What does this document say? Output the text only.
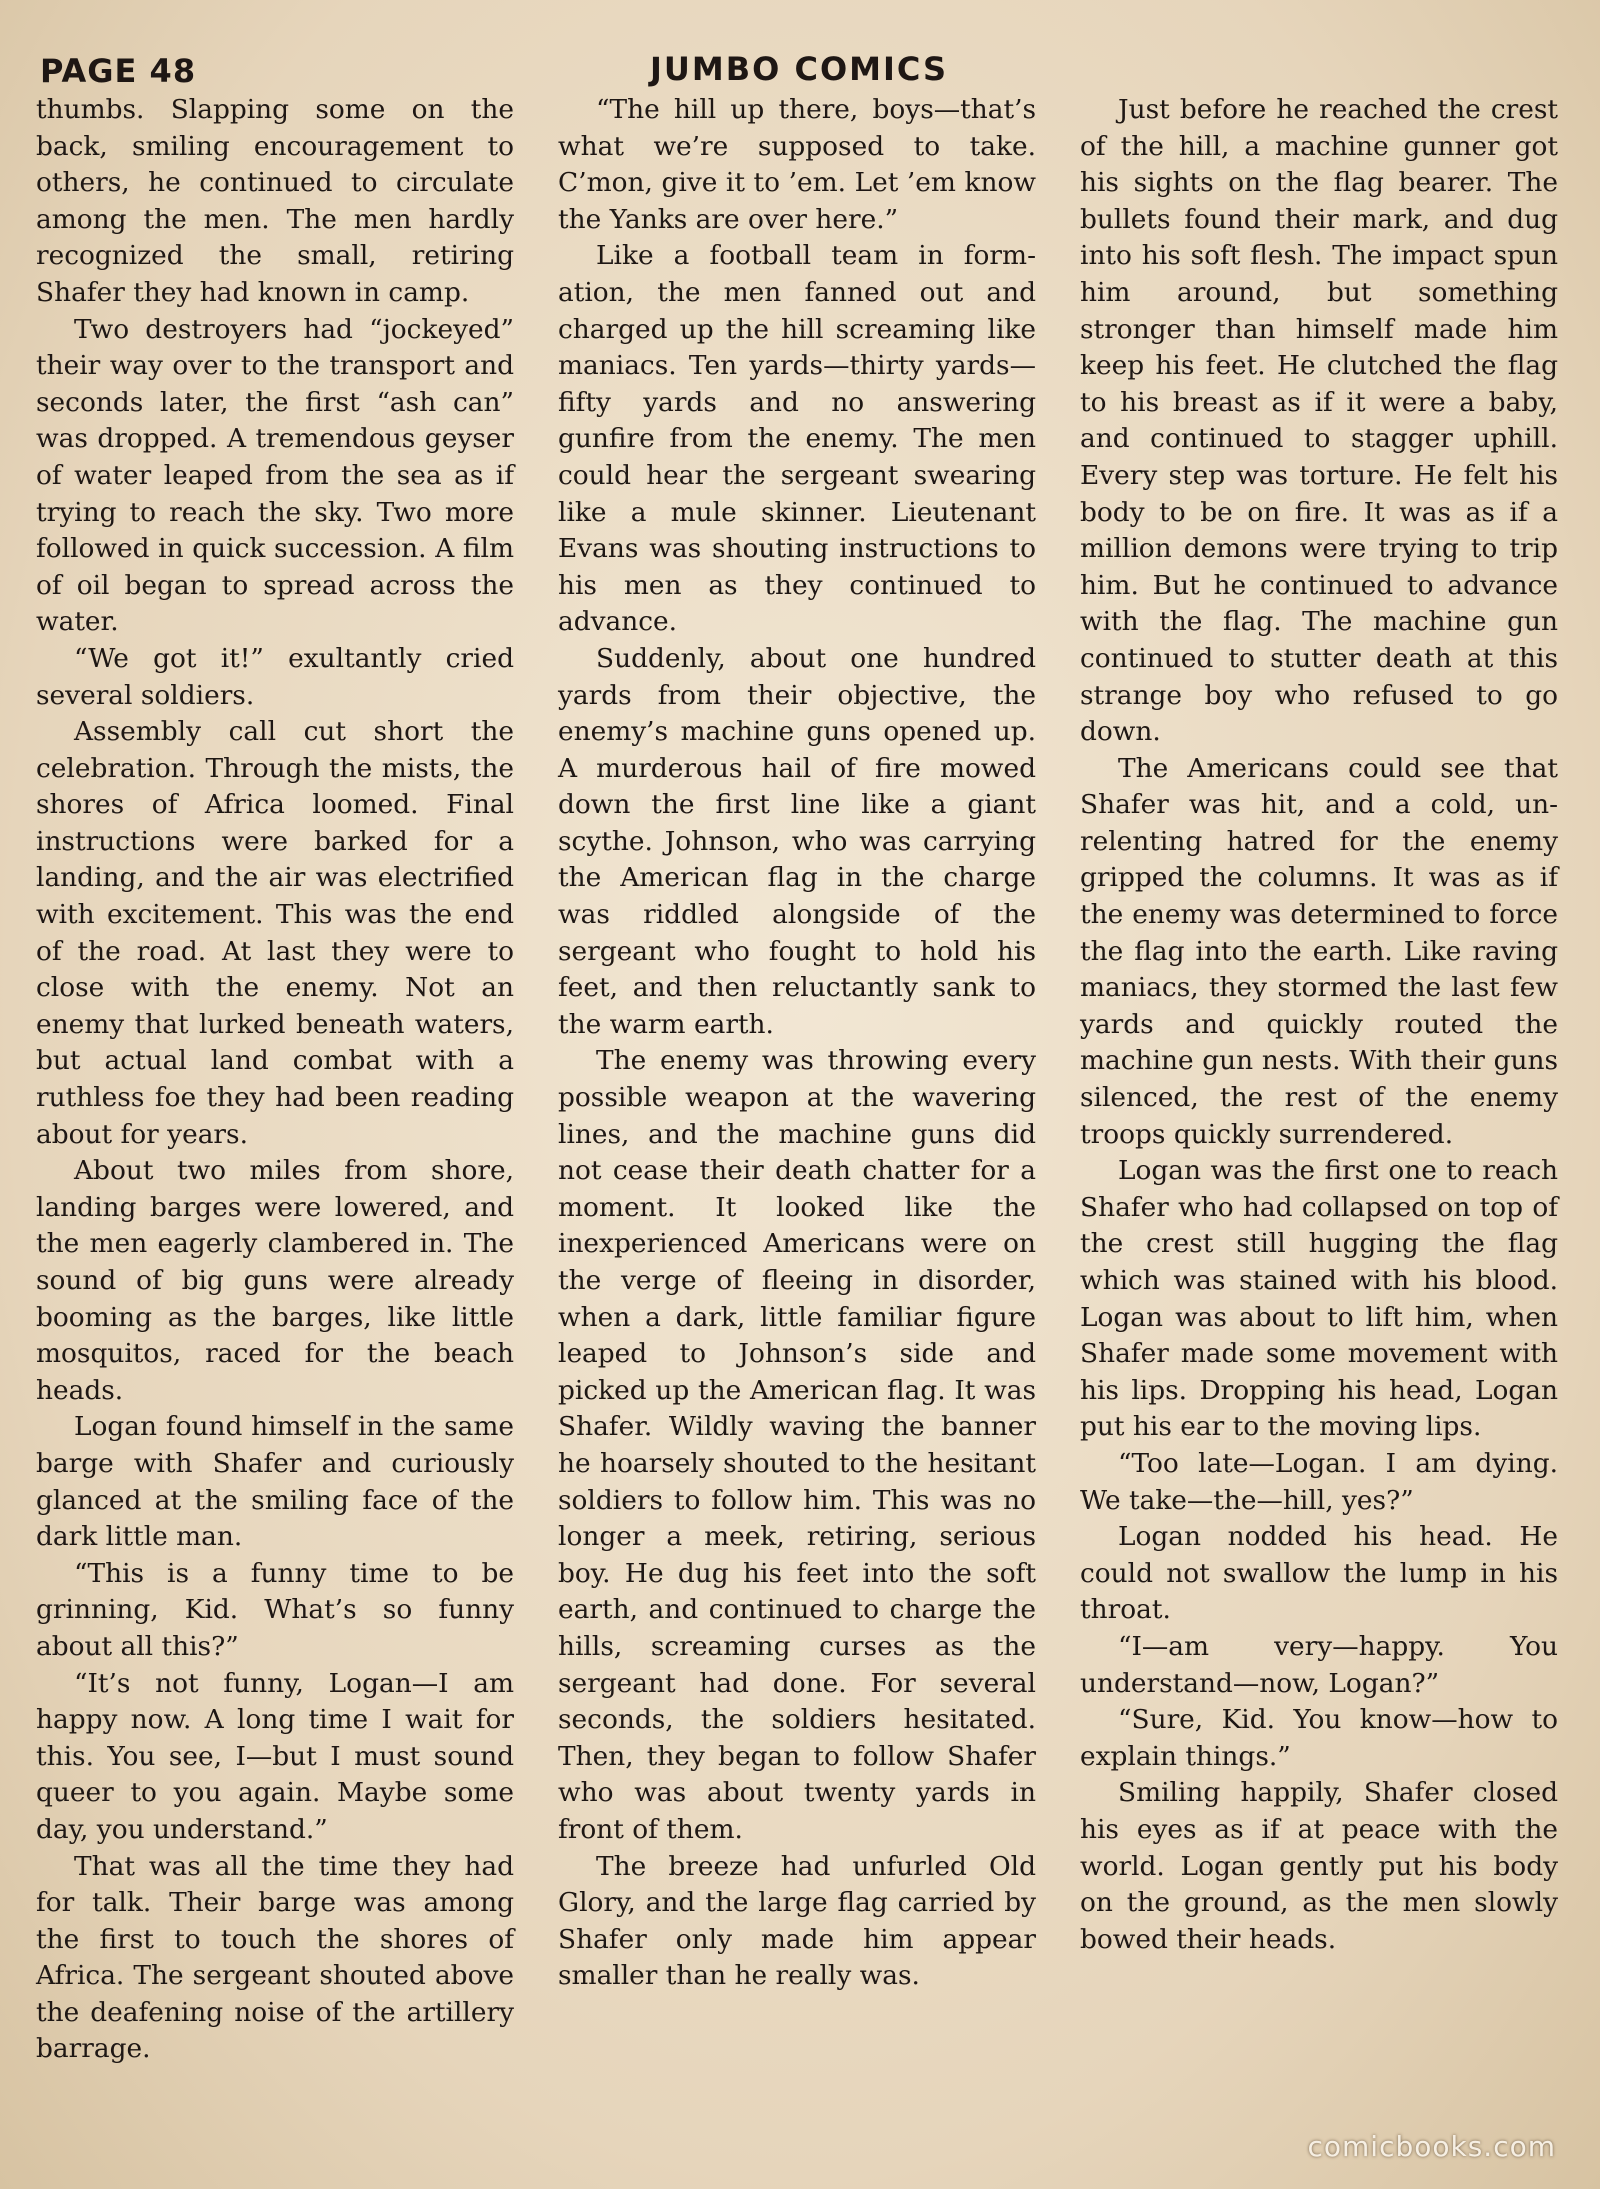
PAGE 48	JUMBO COMICS

thumbs. Slapping some on the back, smiling encouragement to others, he continued to circulate among the men. The men hardly recognized the small, retiring Shafer they had known in camp.

Two destroyers had “jockeyed” their way over to the transport and seconds later, the first “ash can” was dropped. A tremendous geyser of water leaped from the sea as if trying to reach the sky. Two more followed in quick succession. A film of oil began to spread across the water.

“We got it!” exultantly cried several soldiers.

Assembly call cut short the celebration. Through the mists, the shores of Africa loomed. Final instructions were barked for a landing, and the air was electrified with excitement. This was the end of the road. At last they were to close with the enemy. Not an enemy that lurked beneath waters, but actual land combat with a ruthless foe they had been reading about for years.

About two miles from shore, landing barges were lowered, and the men eagerly clambered in. The sound of big guns were already booming as the barges, like little mosquitos, raced for the beach heads.

Logan found himself in the same barge with Shafer and curiously glanced at the smiling face of the dark little man.

“This is a funny time to be grinning, Kid. What’s so funny about all this?”

“It’s not funny, Logan—I am happy now. A long time I wait for this. You see, I—but I must sound queer to you again. Maybe some day, you understand.”

That was all the time they had for talk. Their barge was among the first to touch the shores of Africa. The sergeant shouted above the deafening noise of the artillery barrage.

“The hill up there, boys—that’s what we’re supposed to take. C’mon, give it to ’em. Let ’em know the Yanks are over here.”

Like a football team in formation, the men fanned out and charged up the hill screaming like maniacs. Ten yards—thirty yards—fifty yards and no answering gunfire from the enemy. The men could hear the sergeant swearing like a mule skinner. Lieutenant Evans was shouting instructions to his men as they continued to advance.

Suddenly, about one hundred yards from their objective, the enemy’s machine guns opened up. A murderous hail of fire mowed down the first line like a giant scythe. Johnson, who was carrying the American flag in the charge was riddled alongside of the sergeant who fought to hold his feet, and then reluctantly sank to the warm earth.

The enemy was throwing every possible weapon at the wavering lines, and the machine guns did not cease their death chatter for a moment. It looked like the inexperienced Americans were on the verge of fleeing in disorder, when a dark, little familiar figure leaped to Johnson’s side and picked up the American flag. It was Shafer. Wildly waving the banner he hoarsely shouted to the hesitant soldiers to follow him. This was no longer a meek, retiring, serious boy. He dug his feet into the soft earth, and continued to charge the hills, screaming curses as the sergeant had done. For several seconds, the soldiers hesitated. Then, they began to follow Shafer who was about twenty yards in front of them.

The breeze had unfurled Old Glory, and the large flag carried by Shafer only made him appear smaller than he really was.

Just before he reached the crest of the hill, a machine gunner got his sights on the flag bearer. The bullets found their mark, and dug into his soft flesh. The impact spun him around, but something stronger than himself made him keep his feet. He clutched the flag to his breast as if it were a baby, and continued to stagger uphill. Every step was torture. He felt his body to be on fire. It was as if a million demons were trying to trip him. But he continued to advance with the flag. The machine gun continued to stutter death at this strange boy who refused to go down.

The Americans could see that Shafer was hit, and a cold, unrelenting hatred for the enemy gripped the columns. It was as if the enemy was determined to force the flag into the earth. Like raving maniacs, they stormed the last few yards and quickly routed the machine gun nests. With their guns silenced, the rest of the enemy troops quickly surrendered.

Logan was the first one to reach Shafer who had collapsed on top of the crest still hugging the flag which was stained with his blood. Logan was about to lift him, when Shafer made some movement with his lips. Dropping his head, Logan put his ear to the moving lips.

“Too late—Logan. I am dying. We take—the—hill, yes?”

Logan nodded his head. He could not swallow the lump in his throat.

“I—am very—happy. You understand—now, Logan?”

“Sure, Kid. You know—how to explain things.”

Smiling happily, Shafer closed his eyes as if at peace with the world. Logan gently put his body on the ground, as the men slowly bowed their heads.

comicbooks.com
